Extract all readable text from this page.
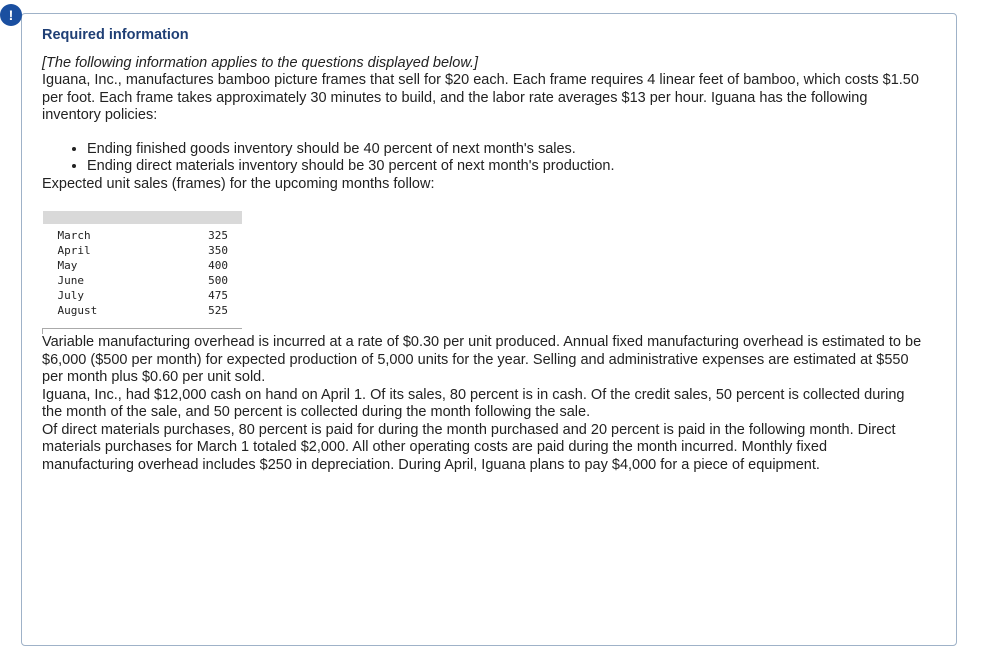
!
Required information

[The following information applies to the questions displayed below.]

Iguana, Inc., manufactures bamboo picture frames that sell for $20 each. Each frame requires 4 linear feet of bamboo, which costs $1.50 per foot. Each frame takes approximately 30 minutes to build, and the labor rate averages $13 per hour. Iguana has the following inventory policies:

• Ending finished goods inventory should be 40 percent of next month's sales.
• Ending direct materials inventory should be 30 percent of next month's production.

Expected unit sales (frames) for the upcoming months follow:

March	325
April	350
May	400
June	500
July	475
August	525

Variable manufacturing overhead is incurred at a rate of $0.30 per unit produced. Annual fixed manufacturing overhead is estimated to be $6,000 ($500 per month) for expected production of 5,000 units for the year. Selling and administrative expenses are estimated at $550 per month plus $0.60 per unit sold.

Iguana, Inc., had $12,000 cash on hand on April 1. Of its sales, 80 percent is in cash. Of the credit sales, 50 percent is collected during the month of the sale, and 50 percent is collected during the month following the sale.

Of direct materials purchases, 80 percent is paid for during the month purchased and 20 percent is paid in the following month. Direct materials purchases for March 1 totaled $2,000. All other operating costs are paid during the month incurred. Monthly fixed manufacturing overhead includes $250 in depreciation. During April, Iguana plans to pay $4,000 for a piece of equipment.
